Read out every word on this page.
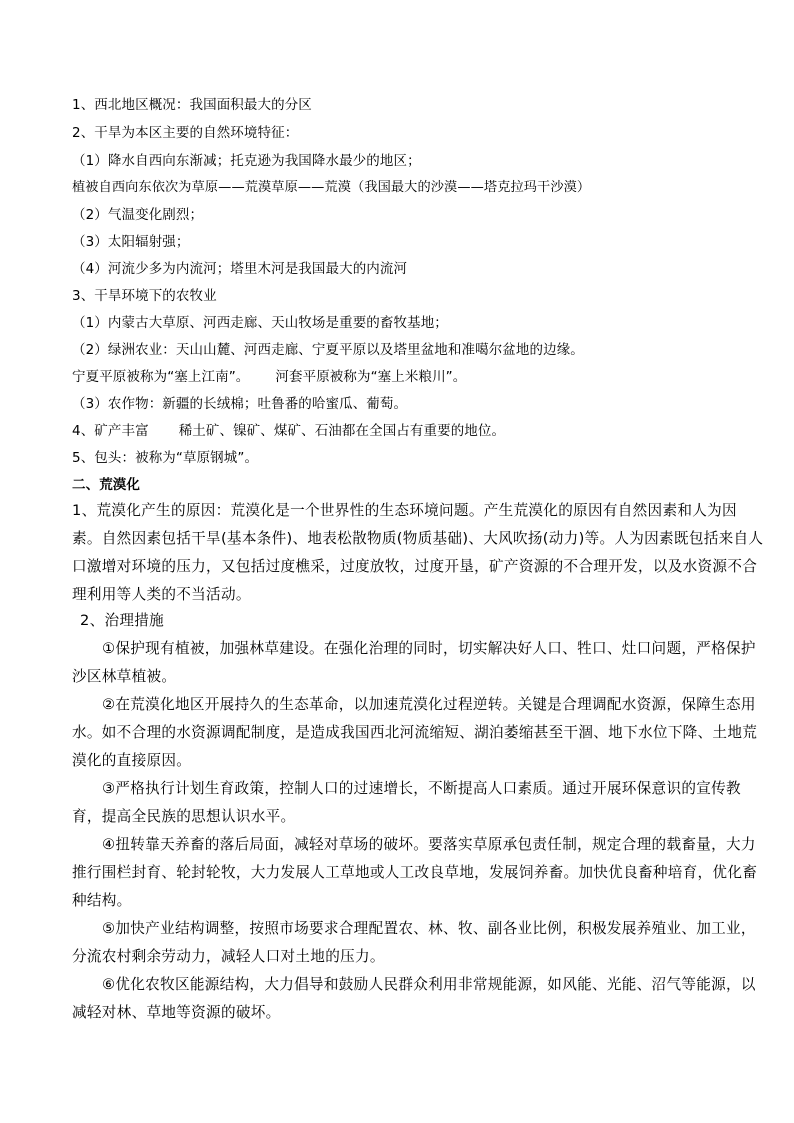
1、西北地区概况：我国面积最大的分区
2、干旱为本区主要的自然环境特征：
（1）降水自西向东渐减；托克逊为我国降水最少的地区；
植被自西向东依次为草原——荒漠草原——荒漠（我国最大的沙漠——塔克拉玛干沙漠）
（2）气温变化剧烈；
（3）太阳辐射强；
（4）河流少多为内流河；塔里木河是我国最大的内流河
3、干旱环境下的农牧业
（1）内蒙古大草原、河西走廊、天山牧场是重要的畜牧基地；
（2）绿洲农业：天山山麓、河西走廊、宁夏平原以及塔里盆地和准噶尔盆地的边缘。
宁夏平原被称为“塞上江南”。 河套平原被称为“塞上米粮川”。
（3）农作物：新疆的长绒棉；吐鲁番的哈蜜瓜、葡萄。
4、矿产丰富 稀土矿、镍矿、煤矿、石油都在全国占有重要的地位。
5、包头：被称为“草原钢城”。
二、荒漠化
1、荒漠化产生的原因：荒漠化是一个世界性的生态环境问题。产生荒漠化的原因有自然因素和人为因
素。自然因素包括干旱(基本条件)、地表松散物质(物质基础)、大风吹扬(动力)等。人为因素既包括来自人
口激增对环境的压力，又包括过度樵采，过度放牧，过度开垦，矿产资源的不合理开发，以及水资源不合
理利用等人类的不当活动。
2、治理措施
①保护现有植被，加强林草建设。在强化治理的同时，切实解决好人口、牲口、灶口问题，严格保护
沙区林草植被。
②在荒漠化地区开展持久的生态革命，以加速荒漠化过程逆转。关键是合理调配水资源，保障生态用
水。如不合理的水资源调配制度，是造成我国西北河流缩短、湖泊萎缩甚至干涸、地下水位下降、土地荒
漠化的直接原因。
③严格执行计划生育政策，控制人口的过速增长，不断提高人口素质。通过开展环保意识的宣传教
育，提高全民族的思想认识水平。
④扭转靠天养畜的落后局面，减轻对草场的破坏。要落实草原承包责任制，规定合理的载畜量，大力
推行围栏封育、轮封轮牧，大力发展人工草地或人工改良草地，发展饲养畜。加快优良畜种培育，优化畜
种结构。
⑤加快产业结构调整，按照市场要求合理配置农、林、牧、副各业比例，积极发展养殖业、加工业，
分流农村剩余劳动力，减轻人口对土地的压力。
⑥优化农牧区能源结构，大力倡导和鼓励人民群众利用非常规能源，如风能、光能、沼气等能源，以
减轻对林、草地等资源的破坏。
